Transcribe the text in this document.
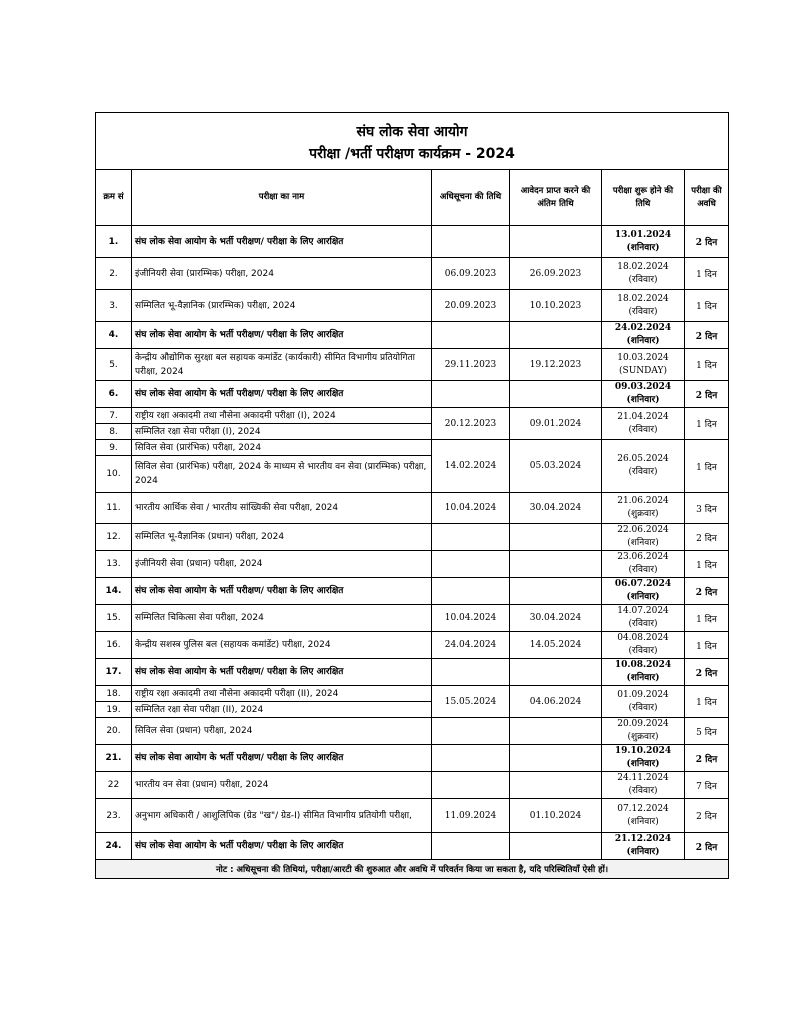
संघ लोक सेवा आयोग
परीक्षा /भर्ती परीक्षण कार्यक्रम - 2024					

क्रम सं	परीक्षा का नाम	अधिसूचना की तिथि	आवेदन प्राप्त करने की अंतिम तिथि	परीक्षा शुरू होने की तिथि	परीक्षा की अवधि
1.	संघ लोक सेवा आयोग के भर्ती परीक्षण/ परीक्षा के लिए आरक्षित			13.01.2024
(शनिवार)	2 दिन
2.	इंजीनियरी सेवा (प्रारम्भिक) परीक्षा, 2024	06.09.2023	26.09.2023	18.02.2024
(रविवार)	1 दिन
3.	सम्मिलित भू-वैज्ञानिक (प्रारम्भिक) परीक्षा, 2024	20.09.2023	10.10.2023	18.02.2024
(रविवार)	1 दिन
4.	संघ लोक सेवा आयोग के भर्ती परीक्षण/ परीक्षा के लिए आरक्षित			24.02.2024
(शनिवार)	2 दिन
5.	केन्द्रीय औद्योगिक सुरक्षा बल सहायक कमांडेंट (कार्यकारी) सीमित विभागीय प्रतियोगिता परीक्षा, 2024	29.11.2023	19.12.2023	10.03.2024
(SUNDAY)	1 दिन
6.	संघ लोक सेवा आयोग के भर्ती परीक्षण/ परीक्षा के लिए आरक्षित			09.03.2024
(शनिवार)	2 दिन
7.	राष्ट्रीय रक्षा अकादमी तथा नौसेना अकादमी परीक्षा (I), 2024	20.12.2023	09.01.2024	21.04.2024
(रविवार)	1 दिन
8.	सम्मिलित रक्षा सेवा परीक्षा (I), 2024				
9.	सिविल सेवा (प्रारंभिक) परीक्षा, 2024	14.02.2024	05.03.2024	26.05.2024
(रविवार)	1 दिन
10.	सिविल सेवा (प्रारंभिक) परीक्षा, 2024 के माध्यम से भारतीय वन सेवा (प्रारम्भिक) परीक्षा, 2024				
11.	भारतीय आर्थिक सेवा / भारतीय सांख्यिकी सेवा परीक्षा, 2024	10.04.2024	30.04.2024	21.06.2024
(शुक्रवार)	3 दिन
12.	सम्मिलित भू-वैज्ञानिक (प्रधान) परीक्षा, 2024			22.06.2024
(शनिवार)	2 दिन
13.	इंजीनियरी सेवा (प्रधान) परीक्षा, 2024			23.06.2024
(रविवार)	1 दिन
14.	संघ लोक सेवा आयोग के भर्ती परीक्षण/ परीक्षा के लिए आरक्षित			06.07.2024
(शनिवार)	2 दिन
15.	सम्मिलित चिकित्सा सेवा परीक्षा, 2024	10.04.2024	30.04.2024	14.07.2024
(रविवार)	1 दिन
16.	केन्द्रीय सशस्त्र पुलिस बल (सहायक कमांडेंट) परीक्षा, 2024	24.04.2024	14.05.2024	04.08.2024
(रविवार)	1 दिन
17.	संघ लोक सेवा आयोग के भर्ती परीक्षण/ परीक्षा के लिए आरक्षित			10.08.2024
(शनिवार)	2 दिन
18.	राष्ट्रीय रक्षा अकादमी तथा नौसेना अकादमी परीक्षा (II), 2024	15.05.2024	04.06.2024	01.09.2024
(रविवार)	1 दिन
19.	सम्मिलित रक्षा सेवा परीक्षा (II), 2024				
20.	सिविल सेवा (प्रधान) परीक्षा, 2024			20.09.2024
(शुक्रवार)	5 दिन
21.	संघ लोक सेवा आयोग के भर्ती परीक्षण/ परीक्षा के लिए आरक्षित			19.10.2024
(शनिवार)	2 दिन
22	भारतीय वन सेवा (प्रधान) परीक्षा, 2024			24.11.2024
(रविवार)	7 दिन
23.	अनुभाग अधिकारी / आशुलिपिक (ग्रेड "ख"/ ग्रेड-I) सीमित विभागीय प्रतियोगी परीक्षा,	11.09.2024	01.10.2024	07.12.2024
(शनिवार)	2 दिन
24.	संघ लोक सेवा आयोग के भर्ती परीक्षण/ परीक्षा के लिए आरक्षित			21.12.2024
(शनिवार)	2 दिन
नोट : अधिसूचना की तिथियां, परीक्षा/आरटी की शुरुआत और अवधि में परिवर्तन किया जा सकता है, यदि परिस्थितियाँ ऐसी हों।					
